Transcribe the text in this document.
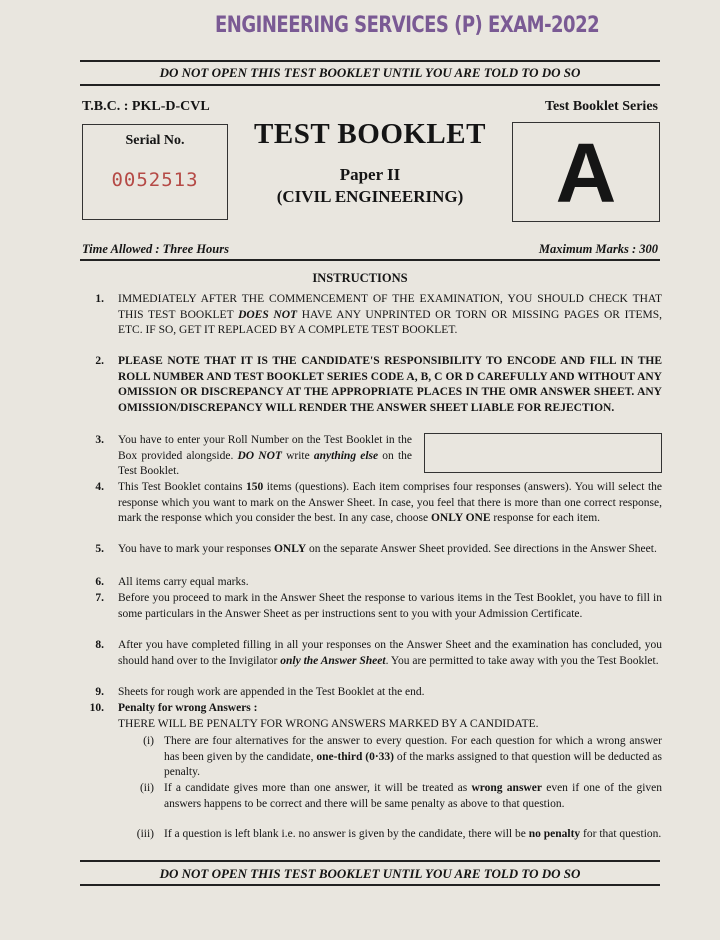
ENGINEERING SERVICES (P) EXAM-2022
DO NOT OPEN THIS TEST BOOKLET UNTIL YOU ARE TOLD TO DO SO
T.B.C. : PKL-D-CVL	Test Booklet Series
Serial No.
0052513
TEST BOOKLET
Paper II
(CIVIL ENGINEERING)	A
Time Allowed : Three Hours	Maximum Marks : 300
INSTRUCTIONS
1. IMMEDIATELY AFTER THE COMMENCEMENT OF THE EXAMINATION, YOU SHOULD CHECK THAT THIS TEST BOOKLET DOES NOT HAVE ANY UNPRINTED OR TORN OR MISSING PAGES OR ITEMS, ETC. IF SO, GET IT REPLACED BY A COMPLETE TEST BOOKLET.
2. PLEASE NOTE THAT IT IS THE CANDIDATE'S RESPONSIBILITY TO ENCODE AND FILL IN THE ROLL NUMBER AND TEST BOOKLET SERIES CODE A, B, C OR D CAREFULLY AND WITHOUT ANY OMISSION OR DISCREPANCY AT THE APPROPRIATE PLACES IN THE OMR ANSWER SHEET. ANY OMISSION/DISCREPANCY WILL RENDER THE ANSWER SHEET LIABLE FOR REJECTION.
3. You have to enter your Roll Number on the Test Booklet in the Box provided alongside. DO NOT write anything else on the Test Booklet.
4. This Test Booklet contains 150 items (questions). Each item comprises four responses (answers). You will select the response which you want to mark on the Answer Sheet. In case, you feel that there is more than one correct response, mark the response which you consider the best. In any case, choose ONLY ONE response for each item.
5. You have to mark your responses ONLY on the separate Answer Sheet provided. See directions in the Answer Sheet.
6. All items carry equal marks.
7. Before you proceed to mark in the Answer Sheet the response to various items in the Test Booklet, you have to fill in some particulars in the Answer Sheet as per instructions sent to you with your Admission Certificate.
8. After you have completed filling in all your responses on the Answer Sheet and the examination has concluded, you should hand over to the Invigilator only the Answer Sheet. You are permitted to take away with you the Test Booklet.
9. Sheets for rough work are appended in the Test Booklet at the end.
10. Penalty for wrong Answers :
THERE WILL BE PENALTY FOR WRONG ANSWERS MARKED BY A CANDIDATE.
(i) There are four alternatives for the answer to every question. For each question for which a wrong answer has been given by the candidate, one-third (0·33) of the marks assigned to that question will be deducted as penalty.
(ii) If a candidate gives more than one answer, it will be treated as wrong answer even if one of the given answers happens to be correct and there will be same penalty as above to that question.
(iii) If a question is left blank i.e. no answer is given by the candidate, there will be no penalty for that question.
DO NOT OPEN THIS TEST BOOKLET UNTIL YOU ARE TOLD TO DO SO
